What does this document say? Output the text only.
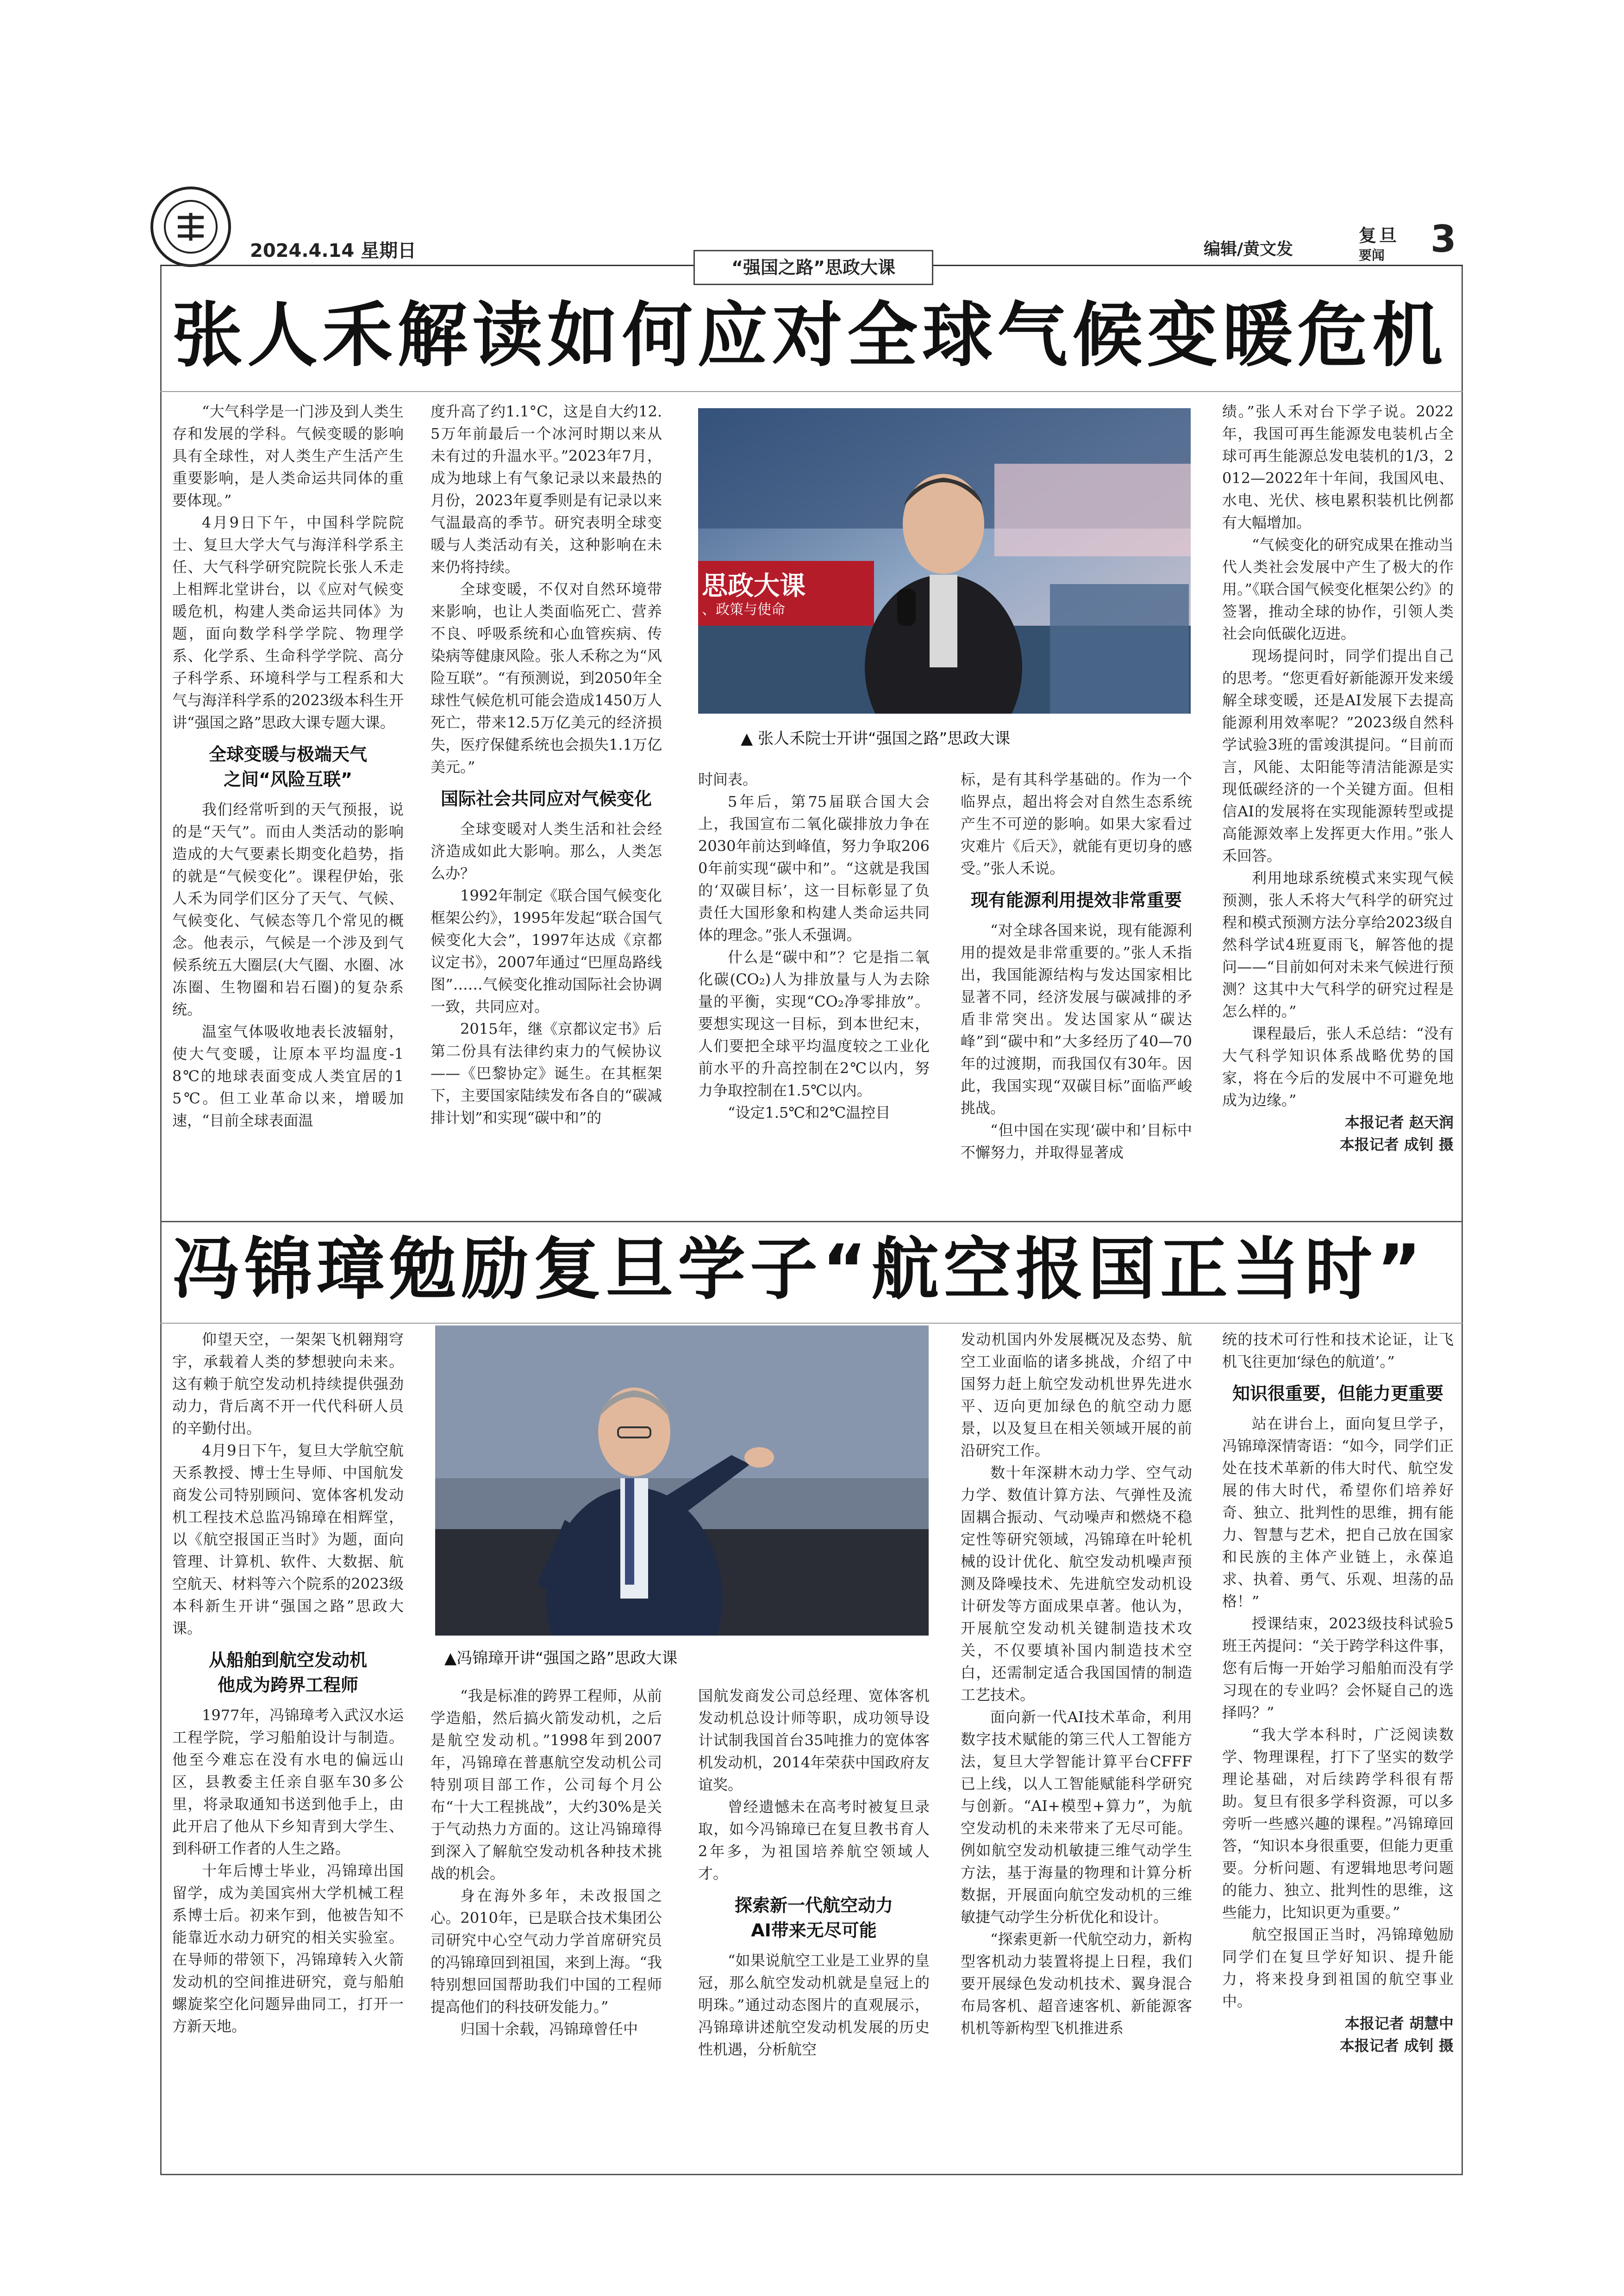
2024.4.14 星期日	编辑/黄文发
复旦
要闻 3
“强国之路”思政大课
张人禾解读如何应对全球气候变暖危机

“大气科学是一门涉及到人类生存和发展的学科。气候变暖的影响具有全球性，对人类生产生活产生重要影响，是人类命运共同体的重要体现。”

4月9日下午，中国科学院院士、复旦大学大气与海洋科学系主任、大气科学研究院院长张人禾走上相辉北堂讲台，以《应对气候变暖危机，构建人类命运共同体》为题，面向数学科学学院、物理学系、化学系、生命科学学院、高分子科学系、环境科学与工程系和大气与海洋科学系的2023级本科生开讲“强国之路”思政大课专题大课。

全球变暖与极端天气
之间“风险互联”

我们经常听到的天气预报，说的是“天气”。而由人类活动的影响造成的大气要素长期变化趋势，指的就是“气候变化”。课程伊始，张人禾为同学们区分了天气、气候、气候变化、气候态等几个常见的概念。他表示，气候是一个涉及到气候系统五大圈层(大气圈、水圈、冰冻圈、生物圈和岩石圈)的复杂系统。

温室气体吸收地表长波辐射，使大气变暖，让原本平均温度-18℃的地球表面变成人类宜居的15℃。但工业革命以来，增暖加速，“目前全球表面温

度升高了约1.1°C，这是自大约12.5万年前最后一个冰河时期以来从未有过的升温水平。”2023年7月，成为地球上有气象记录以来最热的月份，2023年夏季则是有记录以来气温最高的季节。研究表明全球变暖与人类活动有关，这种影响在未来仍将持续。

全球变暖，不仅对自然环境带来影响，也让人类面临死亡、营养不良、呼吸系统和心血管疾病、传染病等健康风险。张人禾称之为“风险互联”。“有预测说，到2050年全球性气候危机可能会造成1450万人死亡，带来12.5万亿美元的经济损失，医疗保健系统也会损失1.1万亿美元。”

国际社会共同应对气候变化

全球变暖对人类生活和社会经济造成如此大影响。那么，人类怎么办？

1992年制定《联合国气候变化框架公约》，1995年发起“联合国气候变化大会”，1997年达成《京都议定书》，2007年通过“巴厘岛路线图”……气候变化推动国际社会协调一致，共同应对。

2015年，继《京都议定书》后第二份具有法律约束力的气候协议——《巴黎协定》诞生。在其框架下，主要国家陆续发布各自的“碳减排计划”和实现“碳中和”的

思政大课
、政策与使命
▲ 张人禾院士开讲“强国之路”思政大课

时间表。

5年后，第75届联合国大会上，我国宣布二氧化碳排放力争在2030年前达到峰值，努力争取2060年前实现“碳中和”。“这就是我国的‘双碳目标’，这一目标彰显了负责任大国形象和构建人类命运共同体的理念。”张人禾强调。

什么是“碳中和”？它是指二氧化碳(CO₂)人为排放量与人为去除量的平衡，实现“CO₂净零排放”。要想实现这一目标，到本世纪末，人们要把全球平均温度较之工业化前水平的升高控制在2℃以内，努力争取控制在1.5℃以内。

“设定1.5℃和2℃温控目

标，是有其科学基础的。作为一个临界点，超出将会对自然生态系统产生不可逆的影响。如果大家看过灾难片《后天》，就能有更切身的感受。”张人禾说。

现有能源利用提效非常重要

“对全球各国来说，现有能源利用的提效是非常重要的。”张人禾指出，我国能源结构与发达国家相比显著不同，经济发展与碳减排的矛盾非常突出。发达国家从“碳达峰”到“碳中和”大多经历了40—70年的过渡期，而我国仅有30年。因此，我国实现“双碳目标”面临严峻挑战。

“但中国在实现‘碳中和’目标中不懈努力，并取得显著成

绩。”张人禾对台下学子说。2022年，我国可再生能源发电装机占全球可再生能源总发电装机的1/3，2012—2022年十年间，我国风电、水电、光伏、核电累积装机比例都有大幅增加。

“气候变化的研究成果在推动当代人类社会发展中产生了极大的作用。”《联合国气候变化框架公约》的签署，推动全球的协作，引领人类社会向低碳化迈进。

现场提问时，同学们提出自己的思考。“您更看好新能源开发来缓解全球变暖，还是AI发展下去提高能源利用效率呢？”2023级自然科学试验3班的雷竣淇提问。“目前而言，风能、太阳能等清洁能源是实现低碳经济的一个关键方面。但相信AI的发展将在实现能源转型或提高能源效率上发挥更大作用。”张人禾回答。

利用地球系统模式来实现气候预测，张人禾将大气科学的研究过程和模式预测方法分享给2023级自然科学试4班夏雨飞，解答他的提问——“目前如何对未来气候进行预测？这其中大气科学的研究过程是怎么样的。”

课程最后，张人禾总结：“没有大气科学知识体系战略优势的国家，将在今后的发展中不可避免地成为边缘。”

本报记者 赵天润

本报记者 成钊 摄

冯锦璋勉励复旦学子“航空报国正当时”

仰望天空，一架架飞机翱翔穹宇，承载着人类的梦想驶向未来。这有赖于航空发动机持续提供强劲动力，背后离不开一代代科研人员的辛勤付出。

4月9日下午，复旦大学航空航天系教授、博士生导师、中国航发商发公司特别顾问、宽体客机发动机工程技术总监冯锦璋在相辉堂，以《航空报国正当时》为题，面向管理、计算机、软件、大数据、航空航天、材料等六个院系的2023级本科新生开讲“强国之路”思政大课。

从船舶到航空发动机
他成为跨界工程师

1977年，冯锦璋考入武汉水运工程学院，学习船舶设计与制造。他至今难忘在没有水电的偏远山区，县教委主任亲自驱车30多公里，将录取通知书送到他手上，由此开启了他从下乡知青到大学生、到科研工作者的人生之路。

十年后博士毕业，冯锦璋出国留学，成为美国宾州大学机械工程系博士后。初来乍到，他被告知不能靠近水动力研究的相关实验室。在导师的带领下，冯锦璋转入火箭发动机的空间推进研究，竟与船舶螺旋桨空化问题异曲同工，打开一方新天地。

▲冯锦璋开讲“强国之路”思政大课

“我是标准的跨界工程师，从前学造船，然后搞火箭发动机，之后是航空发动机。”1998年到2007年，冯锦璋在普惠航空发动机公司特别项目部工作，公司每个月公布“十大工程挑战”，大约30%是关于气动热力方面的。这让冯锦璋得到深入了解航空发动机各种技术挑战的机会。

身在海外多年，未改报国之心。2010年，已是联合技术集团公司研究中心空气动力学首席研究员的冯锦璋回到祖国，来到上海。“我特别想回国帮助我们中国的工程师提高他们的科技研发能力。”

归国十余载，冯锦璋曾任中

国航发商发公司总经理、宽体客机发动机总设计师等职，成功领导设计试制我国首台35吨推力的宽体客机发动机，2014年荣获中国政府友谊奖。

曾经遗憾未在高考时被复旦录取，如今冯锦璋已在复旦教书育人2年多，为祖国培养航空领域人才。

探索新一代航空动力
AI带来无尽可能

“如果说航空工业是工业界的皇冠，那么航空发动机就是皇冠上的明珠。”通过动态图片的直观展示，冯锦璋讲述航空发动机发展的历史性机遇，分析航空

发动机国内外发展概况及态势、航空工业面临的诸多挑战，介绍了中国努力赶上航空发动机世界先进水平、迈向更加绿色的航空动力愿景，以及复旦在相关领域开展的前沿研究工作。

数十年深耕木动力学、空气动力学、数值计算方法、气弹性及流固耦合振动、气动噪声和燃烧不稳定性等研究领域，冯锦璋在叶轮机械的设计优化、航空发动机噪声预测及降噪技术、先进航空发动机设计研发等方面成果卓著。他认为，开展航空发动机关键制造技术攻关，不仅要填补国内制造技术空白，还需制定适合我国国情的制造工艺技术。

面向新一代AI技术革命，利用数字技术赋能的第三代人工智能方法，复旦大学智能计算平台CFFF已上线，以人工智能赋能科学研究与创新。“AI+模型+算力”，为航空发动机的未来带来了无尽可能。例如航空发动机敏捷三维气动学生方法，基于海量的物理和计算分析数据，开展面向航空发动机的三维敏捷气动学生分析优化和设计。

“探索更新一代航空动力，新构型客机动力装置将提上日程，我们要开展绿色发动机技术、翼身混合布局客机、超音速客机、新能源客机机等新构型飞机推进系

统的技术可行性和技术论证，让飞机飞往更加‘绿色的航道’。”

知识很重要，但能力更重要

站在讲台上，面向复旦学子，冯锦璋深情寄语：“如今，同学们正处在技术革新的伟大时代、航空发展的伟大时代，希望你们培养好奇、独立、批判性的思维，拥有能力、智慧与艺术，把自己放在国家和民族的主体产业链上，永葆追求、执着、勇气、乐观、坦荡的品格！”

授课结束，2023级技科试验5班王芮提问：“关于跨学科这件事，您有后悔一开始学习船舶而没有学习现在的专业吗？会怀疑自己的选择吗？”

“我大学本科时，广泛阅读数学、物理课程，打下了坚实的数学理论基础，对后续跨学科很有帮助。复旦有很多学科资源，可以多旁听一些感兴趣的课程。”冯锦璋回答，“知识本身很重要，但能力更重要。分析问题、有逻辑地思考问题的能力、独立、批判性的思维，这些能力，比知识更为重要。”

航空报国正当时，冯锦璋勉励同学们在复旦学好知识、提升能力，将来投身到祖国的航空事业中。

本报记者 胡慧中

本报记者 成钊 摄
